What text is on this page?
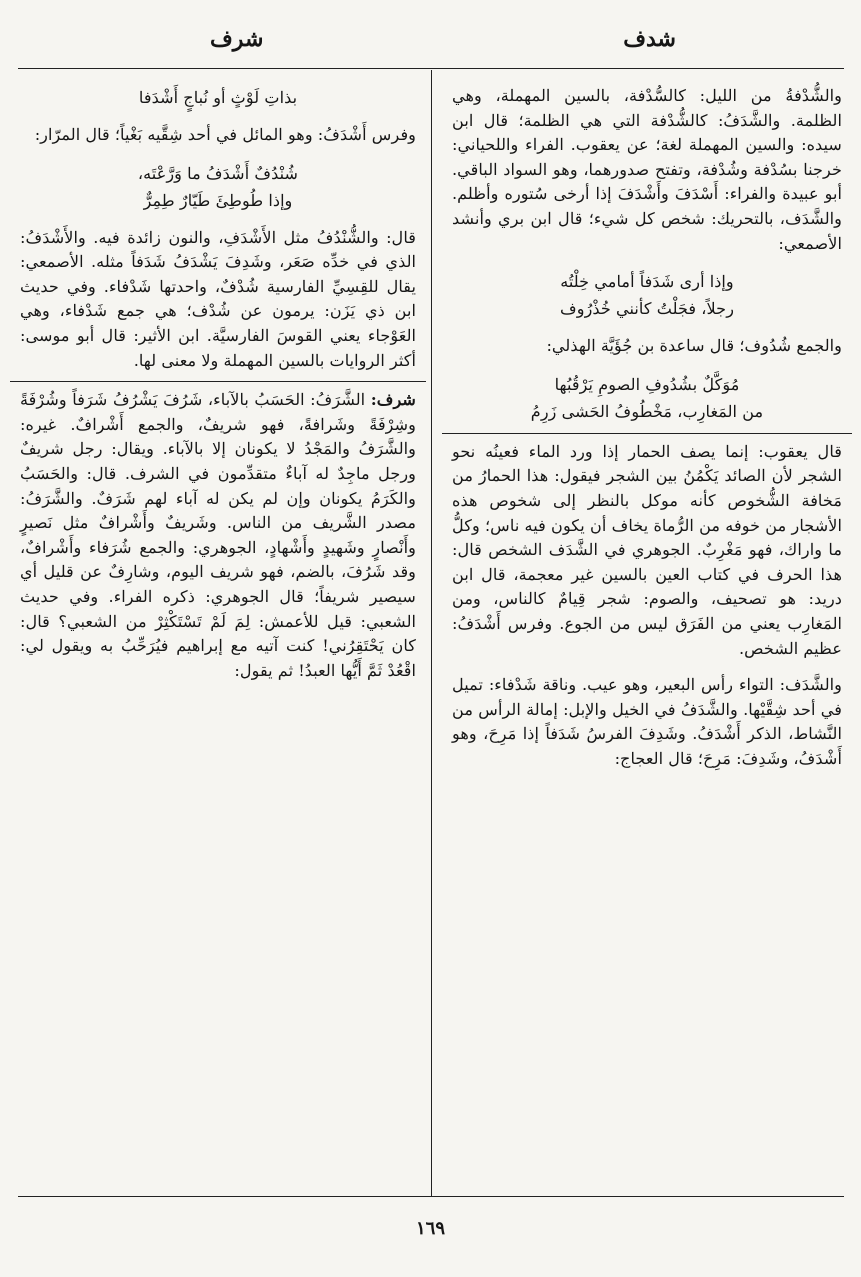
شدف
شرف

والشُّدْفةُ من الليل: كالسُّدْفة، بالسين المهملة، وهي الظلمة. والشَّدَفُ: كالشُّدْفة التي هي الظلمة؛ قال ابن سيده: والسين المهملة لغة؛ عن يعقوب. الفراء واللحياني: خرجنا بسُدْفة وشُدْفة، وتفتح صدورهما، وهو السواد الباقي. أبو عبيدة والفراء: أَسْدَفَ وأَشْدَفَ إذا أرخى سُتوره وأظلم. والشَّدَف، بالتحريك: شخص كل شيء؛ قال ابن بري وأنشد الأصمعي:

وإذا أرى شَدَفاً أمامي خِلْتُه
رجلاً، فجَلْتُ كأنني خُذْرُوف

والجمع شُدُوف؛ قال ساعدة بن جُؤَيَّة الهذلي:

مُوَكَّلٌ بشُدُوفِ الصومِ يَرْقُبُها
من المَغارِب، مَخْطُوفُ الحَشى زَرِمُ

قال يعقوب: إنما يصف الحمار إذا ورد الماء فعينُه نحو الشجر لأن الصائد يَكْمُنُ بين الشجر فيقول: هذا الحمارُ من مَخافة الشُّخوص كأنه موكل بالنظر إلى شخوص هذه الأشجار من خوفه من الرُّماة يخاف أن يكون فيه ناس؛ وكلُّ ما واراك، فهو مَغْرِبٌ. الجوهري في الشَّدَف الشخص قال: هذا الحرف في كتاب العين بالسين غير معجمة، قال ابن دريد: هو تصحيف، والصوم: شجر قِيامٌ كالناس، ومن المَغارِب يعني من الفَرَق ليس من الجوع. وفرس أَشْدَفُ: عظيم الشخص.

والشَّدَف: التواء رأس البعير، وهو عيب. وناقة شَدْفاء: تميل في أحد شِقَّيْها. والشَّدَفُ في الخيل والإبل: إمالة الرأس من النَّشاط، الذكر أَشْدَفُ. وشَدِفَ الفرسُ شَدَفاً إذا مَرِحَ، وهو أَشْدَفُ، وشَدِفَ: مَرِحَ؛ قال العجاج:

بذاتِ لَوْثٍ أو نُباجٍ أَشْدَفا

وفرس أَشْدَفُ: وهو المائل في أحد شِقَّيه بَغْياً؛ قال المرّار:

شُنْدُفٌ أَشْدَفُ ما وَرَّعْتَه،
وإذا طُوطِئَ طَيّارٌ طِمِرٌّ

قال: والشُّنْدُفُ مثل الأَشْدَفِ، والنون زائدة فيه. والأَشْدَفُ: الذي في خدِّه صَعَر، وشَدِفَ يَشْدَفُ شَدَفاً مثله. الأصمعي: يقال للقِسِيِّ الفارسية شُدْفٌ، واحدتها شَدْفاء. وفي حديث ابن ذي يَزَن: يرمون عن شُدْف؛ هي جمع شَدْفاء، وهي العَوْجاء يعني القوسَ الفارسيَّة. ابن الأثير: قال أبو موسى: أكثر الروايات بالسين المهملة ولا معنى لها.

شرف: الشَّرَفُ: الحَسَبُ بالآباء، شَرُفَ يَشْرُفُ شَرَفاً وشُرْفَةً وشِرْفَةً وشَرافةً، فهو شريفٌ، والجمع أَشْرافٌ. غيره: والشَّرَفُ والمَجْدُ لا يكونان إلا بالآباء. ويقال: رجل شريفٌ ورجل ماجِدٌ له آباءٌ متقدِّمون في الشرف. قال: والحَسَبُ والكَرَمُ يكونان وإن لم يكن له آباء لهم شَرَفٌ. والشَّرَفُ: مصدر الشَّريف من الناس. وشَريفٌ وأَشْرافٌ مثل نَصيرٍ وأَنْصارٍ وشَهيدٍ وأَشْهادٍ، الجوهري: والجمع شُرَفاء وأَشْرافٌ، وقد شَرُفَ، بالضم، فهو شريف اليوم، وشارِفٌ عن قليل أي سيصير شريفاً؛ قال الجوهري: ذكره الفراء. وفي حديث الشعبي: قيل للأعمش: لِمَ لَمْ تَسْتَكْثِرْ من الشعبي؟ قال: كان يَحْتَقِرُني! كنت آتيه مع إبراهيم فيُرَحِّبُ به ويقول لي: اقْعُدْ ثَمَّ أَيُّها العبدُ! ثم يقول:

١٦٩
